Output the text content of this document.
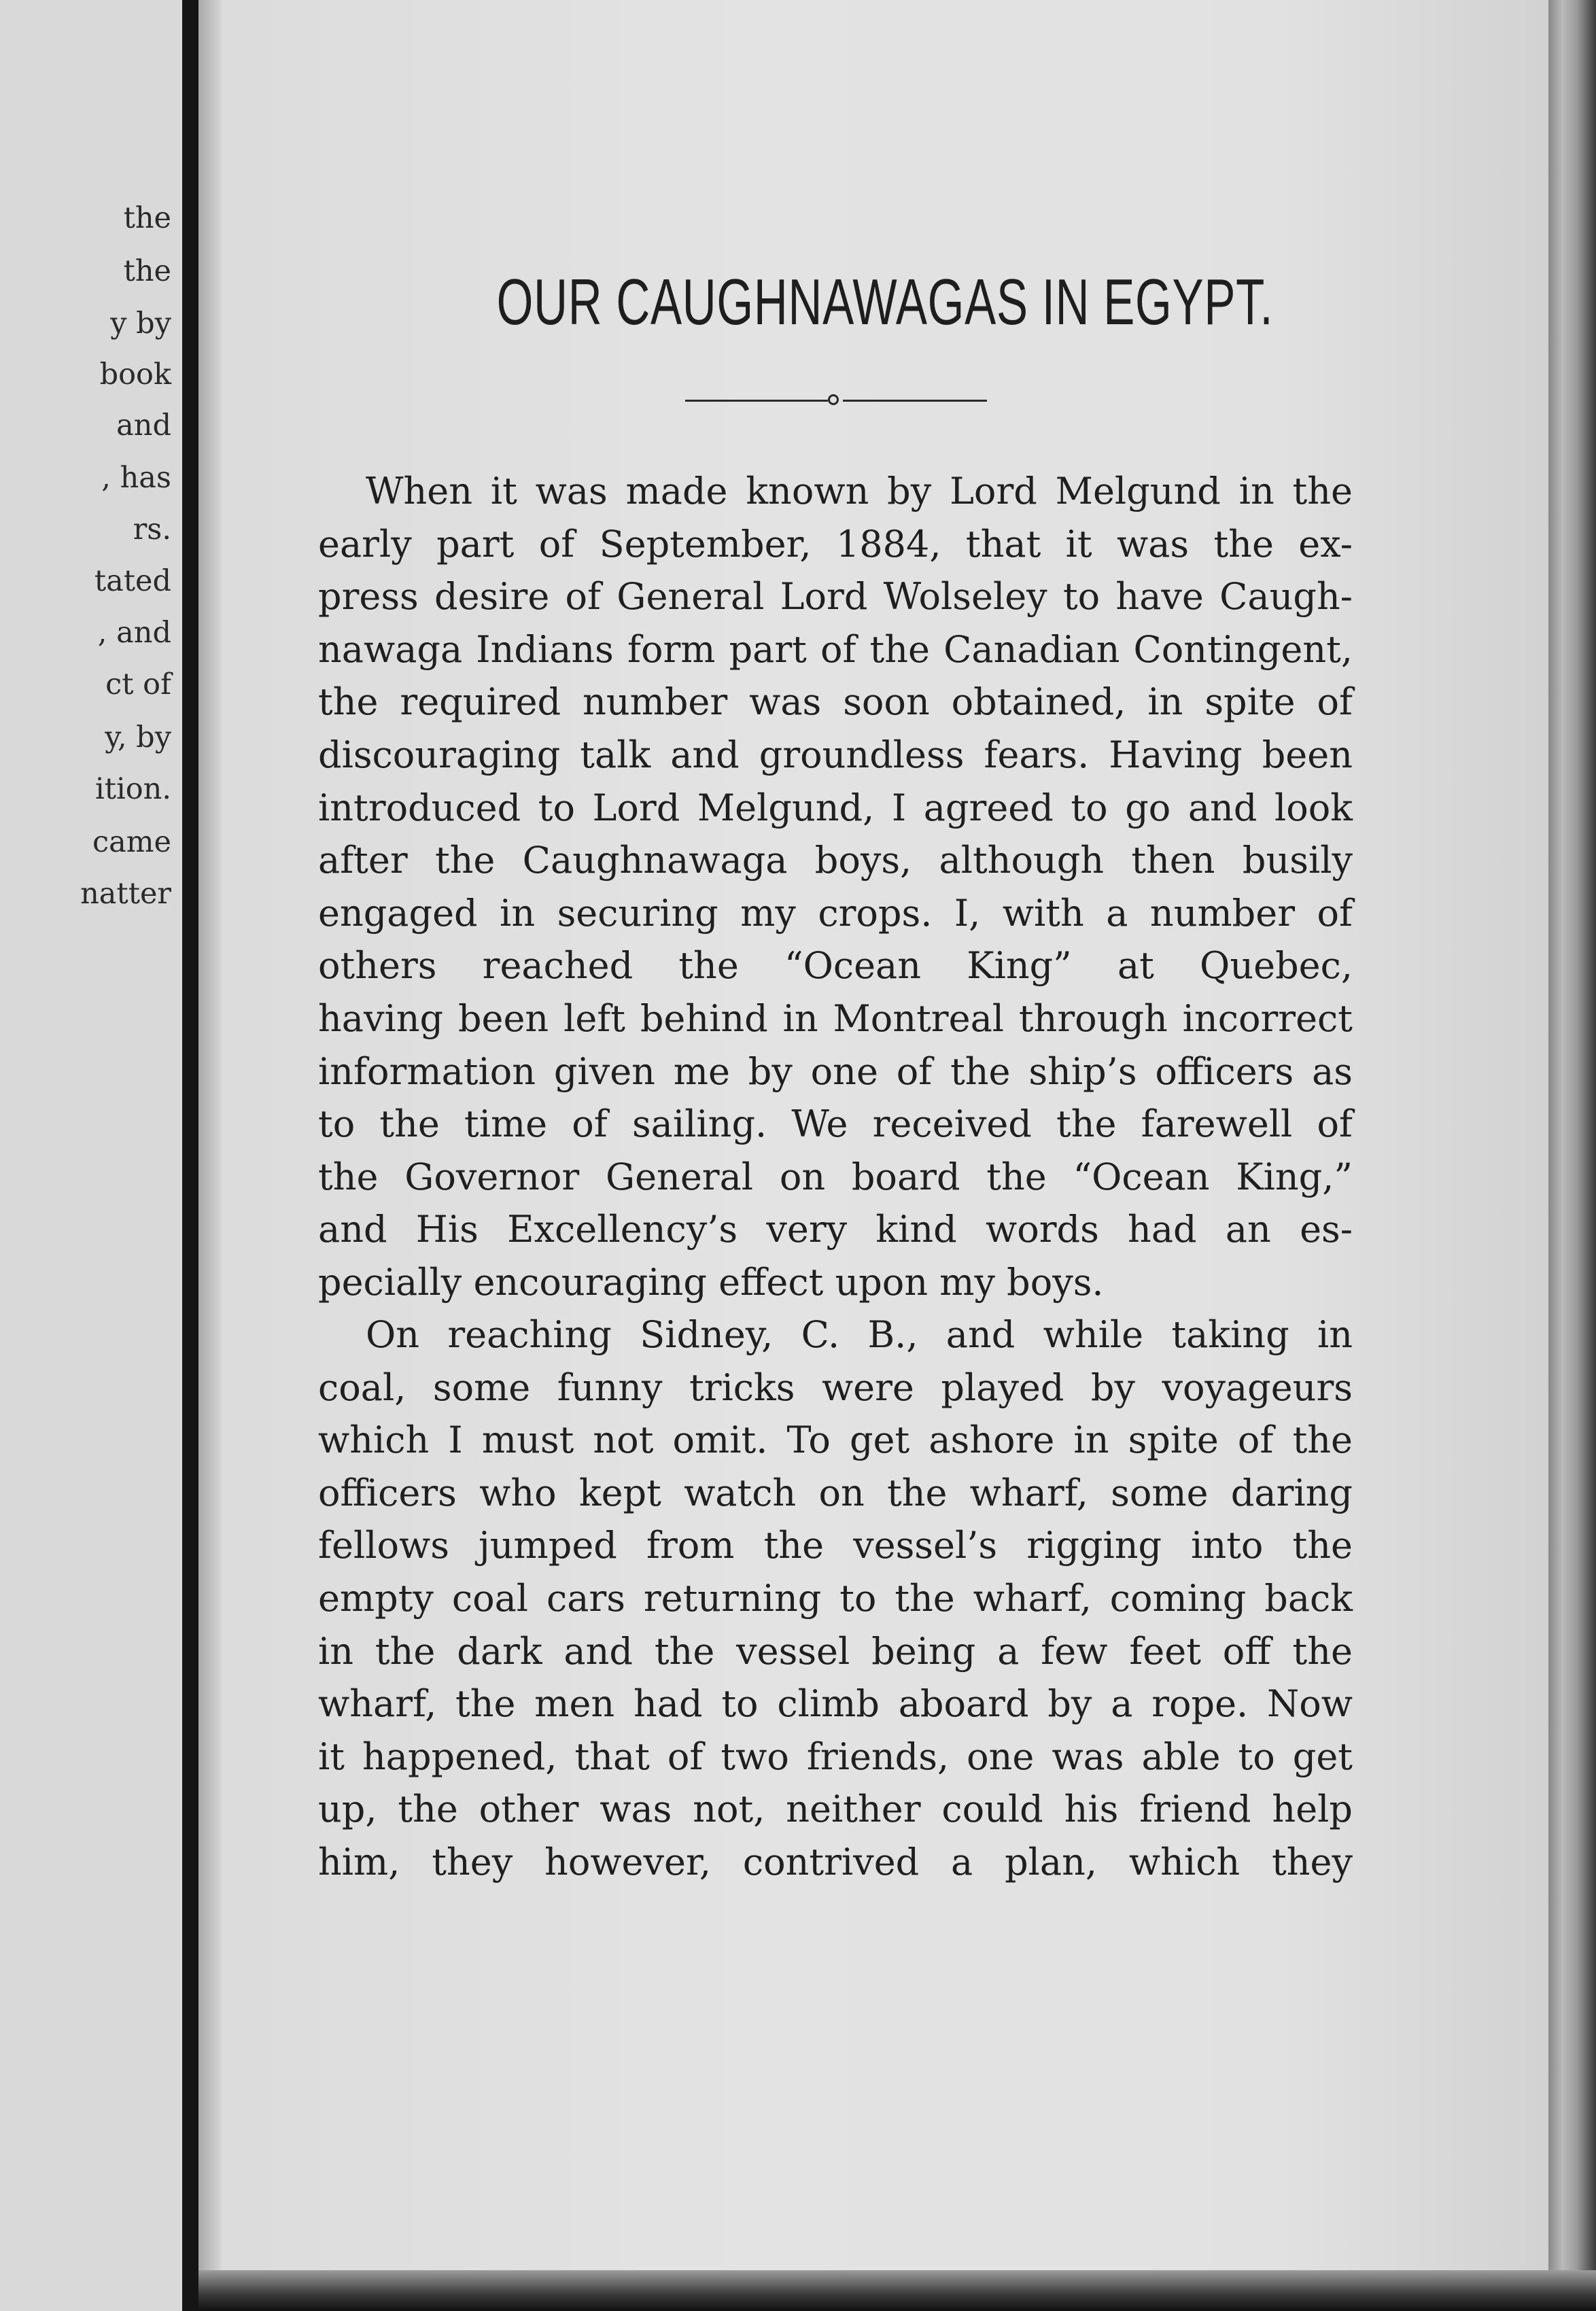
the
the
y by
book
and
, has
rs.
tated
, and
ct of
y, by
ition.
came
natter
OUR CAUGHNAWAGAS IN EGYPT.
When it was made known by Lord Melgund in the
early part of September, 1884, that it was the ex-
press desire of General Lord Wolseley to have Caugh-
nawaga Indians form part of the Canadian Contingent,
the required number was soon obtained, in spite of
discouraging talk and groundless fears. Having been
introduced to Lord Melgund, I agreed to go and look
after the Caughnawaga boys, although then busily
engaged in securing my crops. I, with a number of
others reached the “Ocean King” at Quebec,
having been left behind in Montreal through incorrect
information given me by one of the ship’s officers as
to the time of sailing. We received the farewell of
the Governor General on board the “Ocean King,”
and His Excellency’s very kind words had an es-
pecially encouraging effect upon my boys.
On reaching Sidney, C. B., and while taking in
coal, some funny tricks were played by voyageurs
which I must not omit. To get ashore in spite of the
officers who kept watch on the wharf, some daring
fellows jumped from the vessel’s rigging into the
empty coal cars returning to the wharf, coming back
in the dark and the vessel being a few feet off the
wharf, the men had to climb aboard by a rope. Now
it happened, that of two friends, one was able to get
up, the other was not, neither could his friend help
him, they however, contrived a plan, which they
